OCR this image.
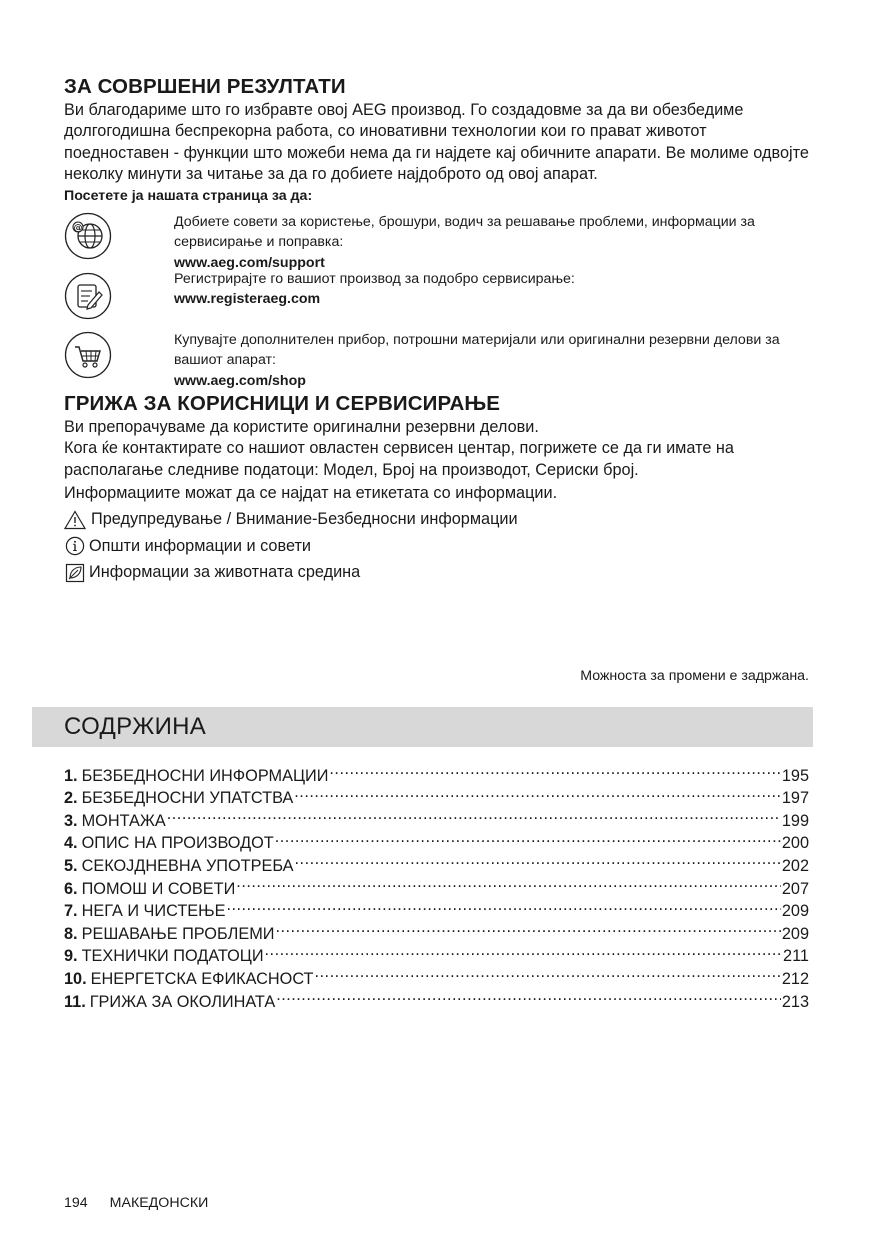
ЗА СОВРШЕНИ РЕЗУЛТАТИ

Ви благодариме што го избравте овој AEG производ. Го создадовме за да ви обезбедиме долгогодишна беспрекорна работа, со иновативни технологии кои го прават животот поедноставен - функции што можеби нема да ги најдете кај обичните апарати. Ве молиме одвојте неколку минути за читање за да го добиете најдоброто од овој апарат.

Посетете ја нашата страница за да:

@	Добиете совети за користење, брошури, водич за решавање проблеми, информации за сервисирање и поправка:
www.aeg.com/support
Регистрирајте го вашиот производ за подобро сервисирање:
www.registeraeg.com
Купувајте дополнителен прибор, потрошни материјали или оригинални резервни делови за вашиот апарат:
www.aeg.com/shop
ГРИЖА ЗА КОРИСНИЦИ И СЕРВИСИРАЊЕ

Ви препорачуваме да користите оригинални резервни делови.

Кога ќе контактирате со нашиот овластен сервисен центар, погрижете се да ги имате на располагање следниве податоци: Модел, Број на производот, Сериски број.

Информациите можат да се најдат на етикетата со информации.

Предупредување / Внимание-Безбедносни информации
Општи информации и совети
Информации за животната средина
Можноста за промени е задржана.
СОДРЖИНА
1. БЕЗБЕДНОСНИ ИНФОРМАЦИИ .....	195
2. БЕЗБЕДНОСНИ УПАТСТВА .....	197
3. МОНТАЖА .....	199
4. ОПИС НА ПРОИЗВОДОТ .....	200
5. СЕКОЈДНЕВНА УПОТРЕБА .....	202
6. ПОМОШ И СОВЕТИ .....	207
7. НЕГА И ЧИСТЕЊЕ .....	209
8. РЕШАВАЊЕ ПРОБЛЕМИ .....	209
9. ТЕХНИЧКИ ПОДАТОЦИ .....	211
10. ЕНЕРГЕТСКА ЕФИКАСНОСТ .....	212
11. ГРИЖА ЗА ОКОЛИНАТА .....	213
194 МАКЕДОНСКИ
